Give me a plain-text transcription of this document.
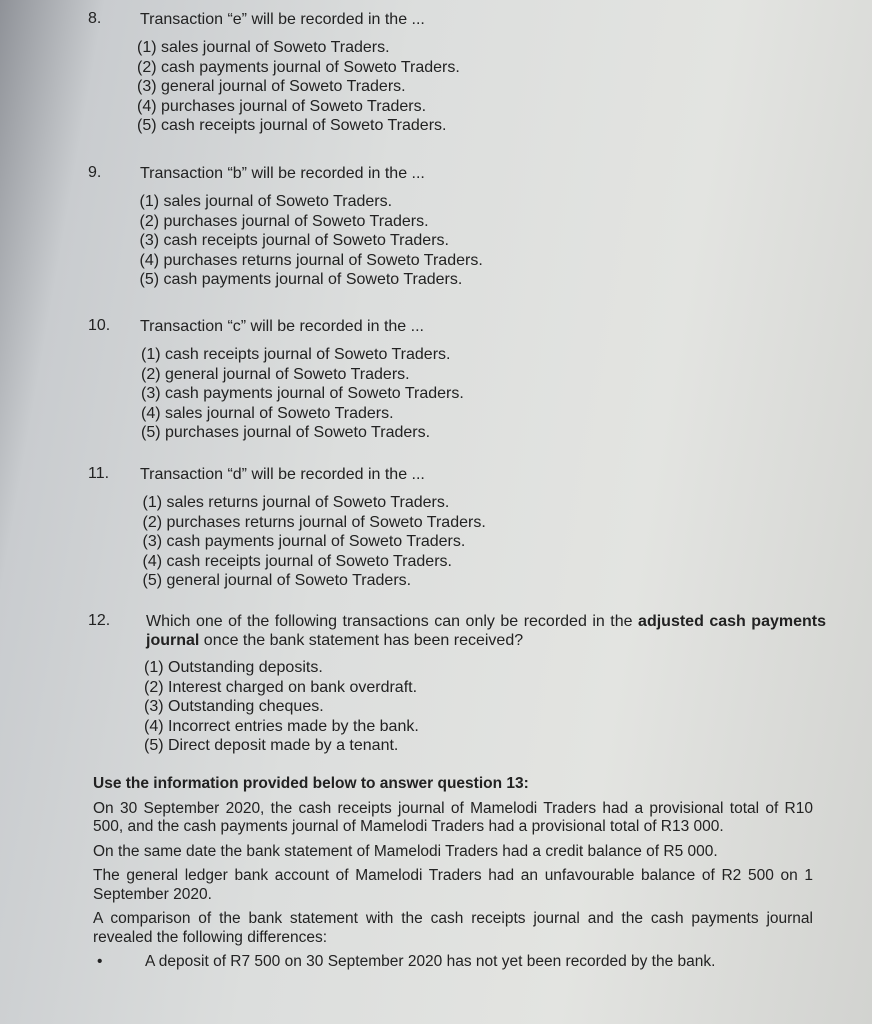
8. Transaction “e” will be recorded in the ...
(1) sales journal of Soweto Traders.
(2) cash payments journal of Soweto Traders.
(3) general journal of Soweto Traders.
(4) purchases journal of Soweto Traders.
(5) cash receipts journal of Soweto Traders.
9. Transaction “b” will be recorded in the ...
(1) sales journal of Soweto Traders.
(2) purchases journal of Soweto Traders.
(3) cash receipts journal of Soweto Traders.
(4) purchases returns journal of Soweto Traders.
(5) cash payments journal of Soweto Traders.
10. Transaction “c” will be recorded in the ...
(1) cash receipts journal of Soweto Traders.
(2) general journal of Soweto Traders.
(3) cash payments journal of Soweto Traders.
(4) sales journal of Soweto Traders.
(5) purchases journal of Soweto Traders.
11. Transaction “d” will be recorded in the ...
(1) sales returns journal of Soweto Traders.
(2) purchases returns journal of Soweto Traders.
(3) cash payments journal of Soweto Traders.
(4) cash receipts journal of Soweto Traders.
(5) general journal of Soweto Traders.
12. Which one of the following transactions can only be recorded in the adjusted cash payments journal once the bank statement has been received?
(1) Outstanding deposits.
(2) Interest charged on bank overdraft.
(3) Outstanding cheques.
(4) Incorrect entries made by the bank.
(5) Direct deposit made by a tenant.

Use the information provided below to answer question 13:

On 30 September 2020, the cash receipts journal of Mamelodi Traders had a provisional total of R10 500, and the cash payments journal of Mamelodi Traders had a provisional total of R13 000.

On the same date the bank statement of Mamelodi Traders had a credit balance of R5 000.

The general ledger bank account of Mamelodi Traders had an unfavourable balance of R2 500 on 1 September 2020.

A comparison of the bank statement with the cash receipts journal and the cash payments journal revealed the following differences:

•	A deposit of R7 500 on 30 September 2020 has not yet been recorded by the bank.
